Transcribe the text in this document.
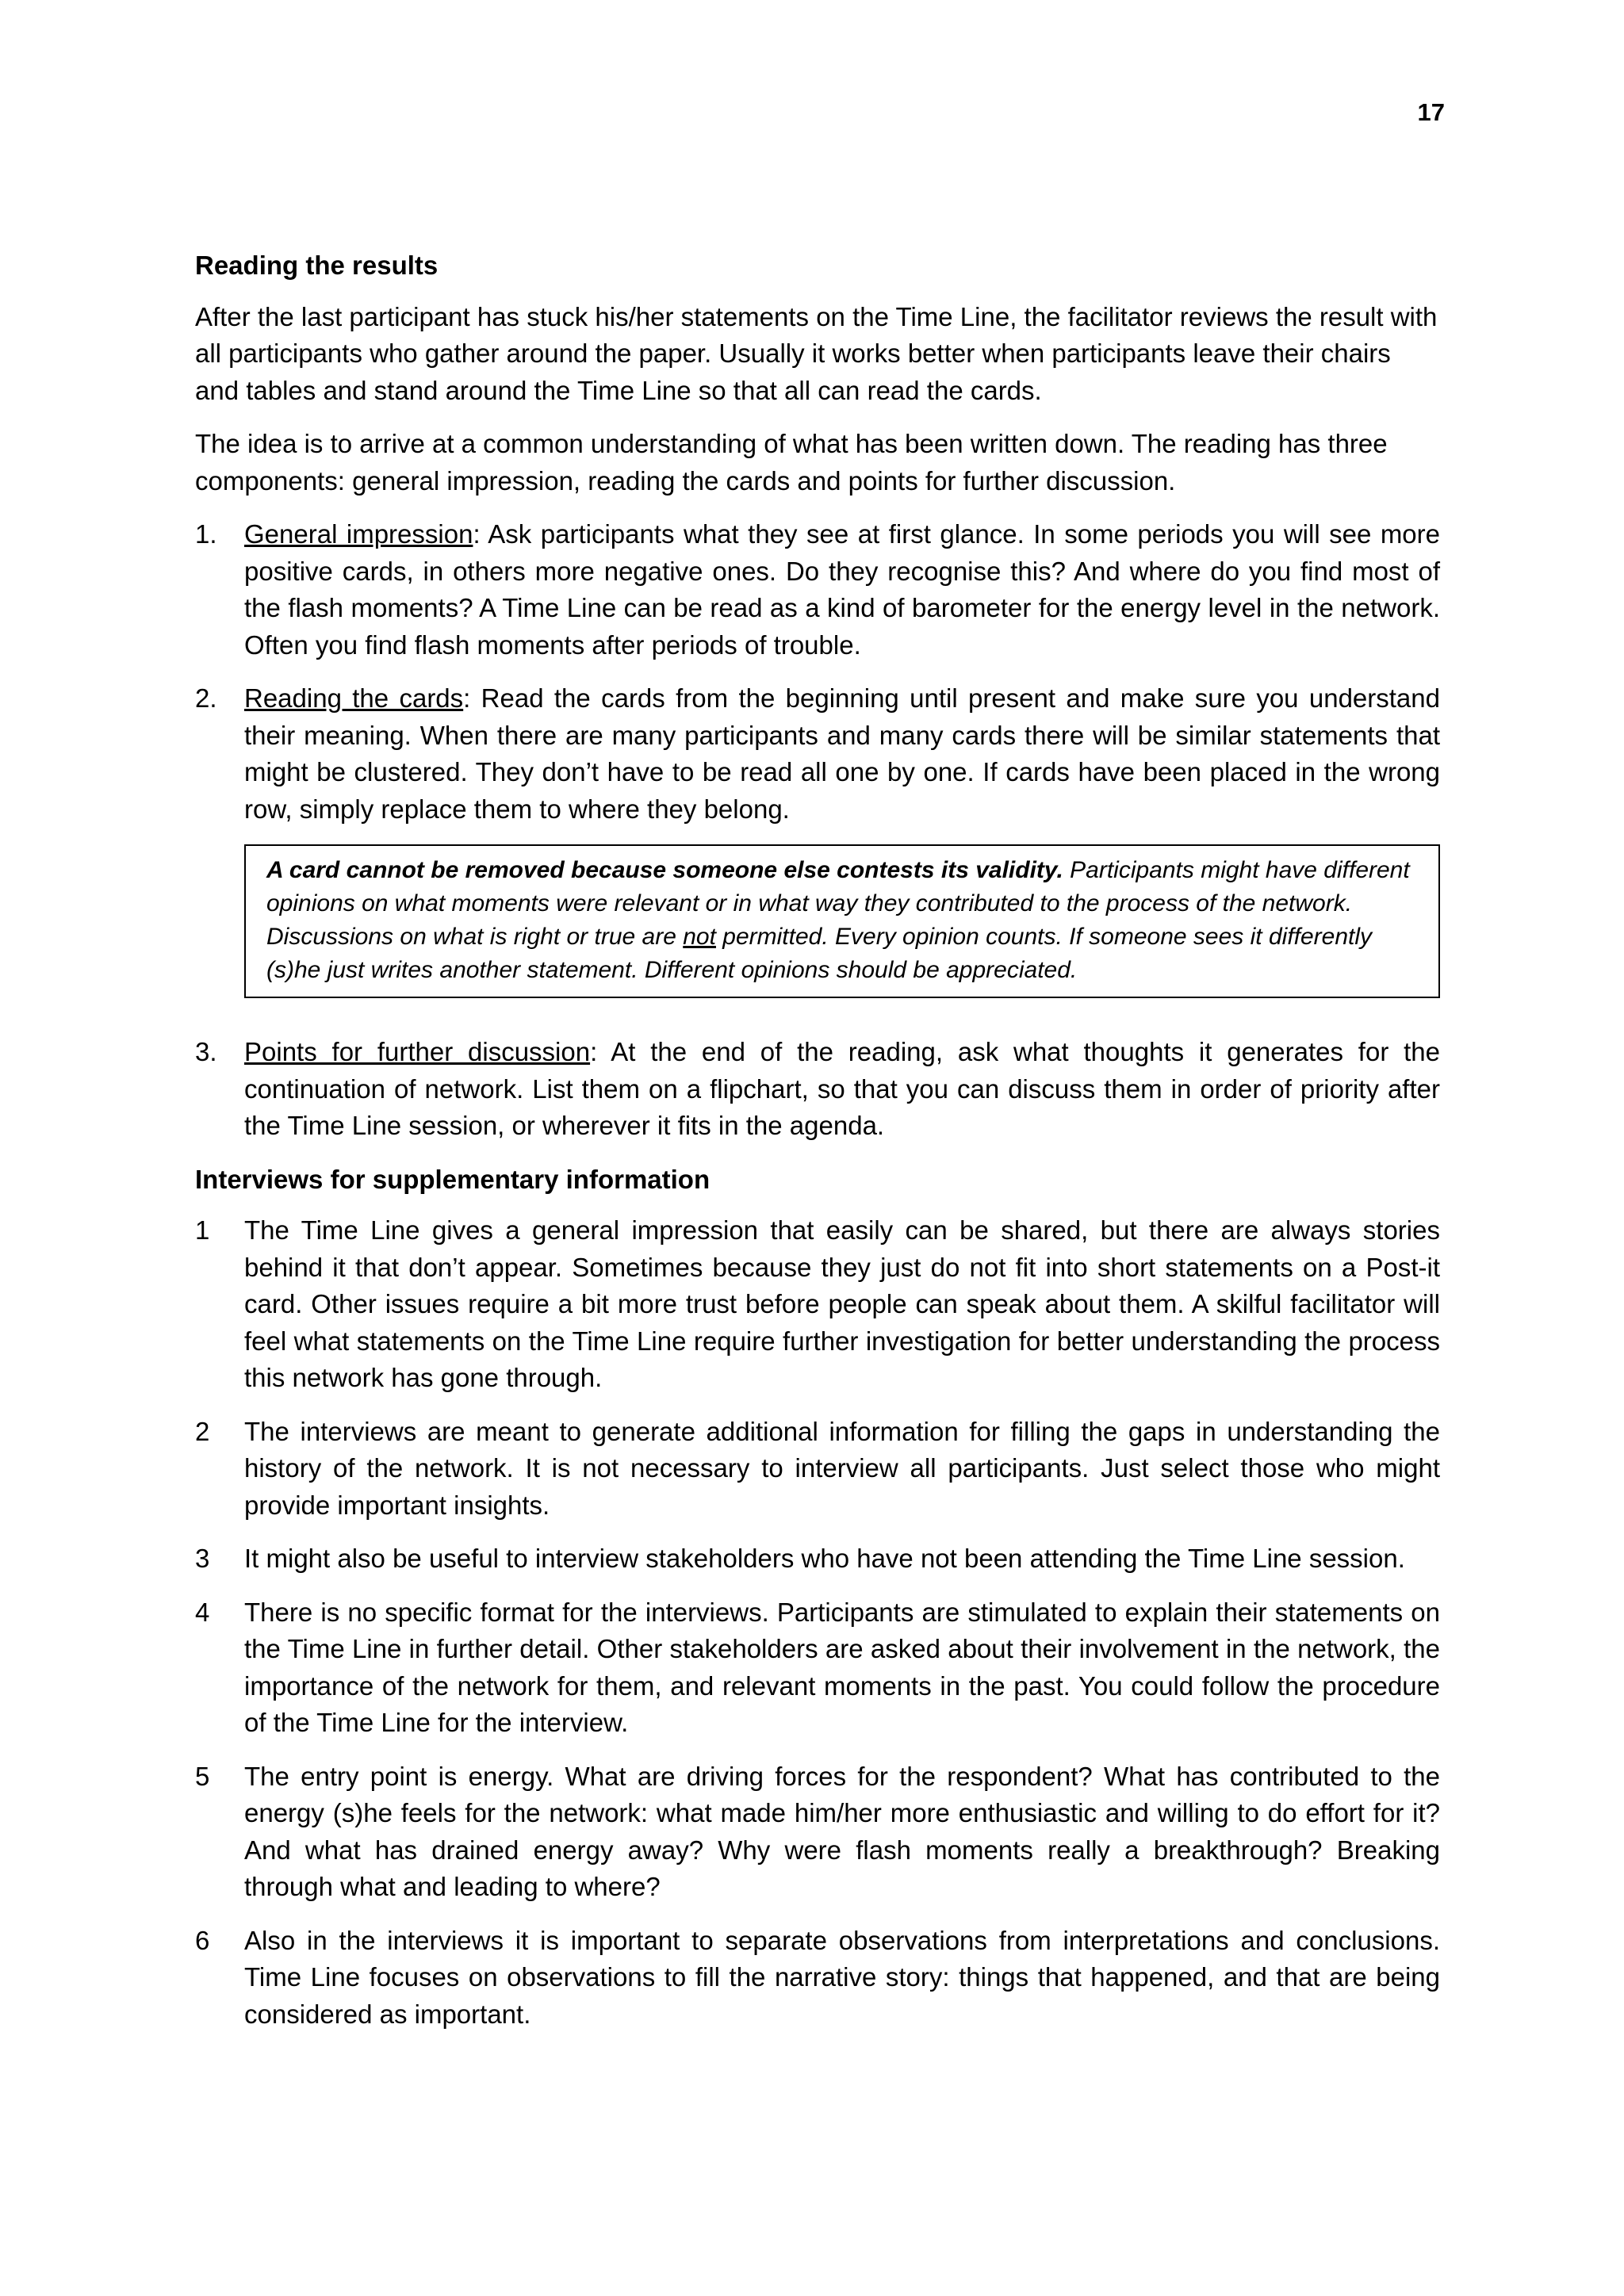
17
Reading the results

After the last participant has stuck his/her statements on the Time Line, the facilitator reviews the result with all participants who gather around the paper. Usually it works better when participants leave their chairs and tables and stand around the Time Line so that all can read the cards.

The idea is to arrive at a common understanding of what has been written down. The reading has three components: general impression, reading the cards and points for further discussion.

1.	General impression: Ask participants what they see at first glance. In some periods you will see more positive cards, in others more negative ones. Do they recognise this? And where do you find most of the flash moments? A Time Line can be read as a kind of barometer for the energy level in the network. Often you find flash moments after periods of trouble.
2.	Reading the cards: Read the cards from the beginning until present and make sure you understand their meaning. When there are many participants and many cards there will be similar statements that might be clustered. They don’t have to be read all one by one. If cards have been placed in the wrong row, simply replace them to where they belong.
A card cannot be removed because someone else contests its validity. Participants might have different opinions on what moments were relevant or in what way they contributed to the process of the network. Discussions on what is right or true are not permitted. Every opinion counts. If someone sees it differently (s)he just writes another statement. Different opinions should be appreciated.
3.	Points for further discussion: At the end of the reading, ask what thoughts it generates for the continuation of network. List them on a flipchart, so that you can discuss them in order of priority after the Time Line session, or wherever it fits in the agenda.
Interviews for supplementary information
1	The Time Line gives a general impression that easily can be shared, but there are always stories behind it that don’t appear. Sometimes because they just do not fit into short statements on a Post-it card. Other issues require a bit more trust before people can speak about them. A skilful facilitator will feel what statements on the Time Line require further investigation for better understanding the process this network has gone through.
2	The interviews are meant to generate additional information for filling the gaps in understanding the history of the network. It is not necessary to interview all participants. Just select those who might provide important insights.
3	It might also be useful to interview stakeholders who have not been attending the Time Line session.
4	There is no specific format for the interviews. Participants are stimulated to explain their statements on the Time Line in further detail. Other stakeholders are asked about their involvement in the network, the importance of the network for them, and relevant moments in the past. You could follow the procedure of the Time Line for the interview.
5	The entry point is energy. What are driving forces for the respondent? What has contributed to the energy (s)he feels for the network: what made him/her more enthusiastic and willing to do effort for it? And what has drained energy away? Why were flash moments really a breakthrough? Breaking through what and leading to where?
6	Also in the interviews it is important to separate observations from interpretations and conclusions. Time Line focuses on observations to fill the narrative story: things that happened, and that are being considered as important.
